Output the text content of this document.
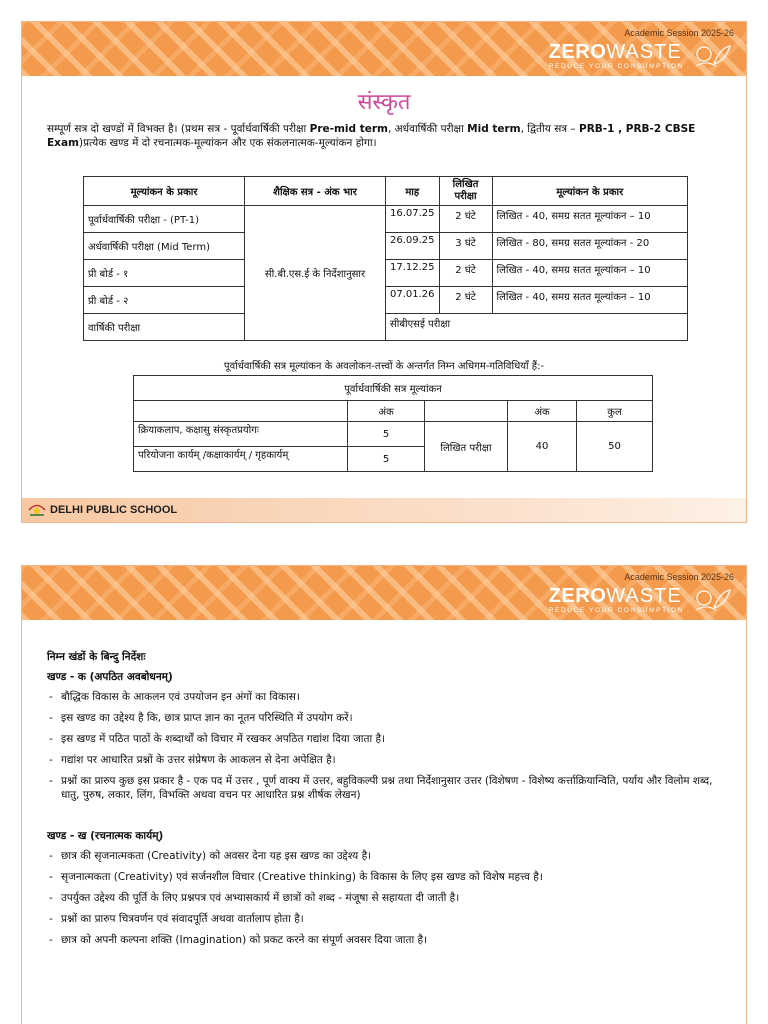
Academic Session 2025-26
ZEROWASTE
REDUCE YOUR CONSUMPTION
संस्कृत
सम्पूर्ण सत्र दो खण्डों में विभक्त है। (प्रथम सत्र - पूर्वार्धवार्षिकी परीक्षा Pre-mid term, अर्धवार्षिकी परीक्षा Mid term, द्वितीय सत्र – PRB-1 , PRB-2 CBSE Exam)प्रत्येक खण्ड में दो रचनात्मक-मूल्यांकन और एक संकलनात्मक-मूल्यांकन होगा।
मूल्यांकन के प्रकार	शैक्षिक सत्र - अंक भार	माह	लिखित परीक्षा	मूल्यांकन के प्रकार
पूर्वार्धवार्षिकी परीक्षा - (PT-1)	सी.बी.एस.ई के निर्देशानुसार	16.07.25	2 घंटे	लिखित - 40, समग्र सतत मूल्यांकन – 10
अर्धवार्षिकी परीक्षा (Mid Term)		26.09.25	3 घंटे	लिखित - 80, समग्र सतत मूल्यांकन - 20
प्री बोर्ड - १		17.12.25	2 घंटे	लिखित - 40, समग्र सतत मूल्यांकन – 10
प्री बोर्ड - २		07.01.26	2 घंटे	लिखित - 40, समग्र सतत मूल्यांकन – 10
वार्षिकी परीक्षा		सीबीएसई परीक्षा		
पूर्वार्धवार्षिकी सत्र मूल्यांकन के अवलोकन-तत्त्वों के अन्तर्गत निम्न अधिगम-गतिविधियाँ हैं:-
पूर्वार्धवार्षिकी सत्र मूल्यांकन				
	अंक		अंक	कुल
क्रियाकलाप, कक्षासु संस्कृतप्रयोगः	5	लिखित परीक्षा	40	50
परियोजना कार्यम् /कक्षाकार्यम् / गृहकार्यम्	5			
DELHI PUBLIC SCHOOL
Academic Session 2025-26
ZEROWASTE
REDUCE YOUR CONSUMPTION
निम्न खंडों के बिन्दु निर्देशः
खण्ड - क (अपठित अवबोधनम्)
- बौद्धिक विकास के आकलन एवं उपयोजन इन अंगों का विकास।
- इस खण्ड का उद्देश्य है कि, छात्र प्राप्त ज्ञान का नूतन परिस्थिति में उपयोग करें।
- इस खण्ड में पठित पाठों के शब्दार्थों को विचार में रखकर अपठित गद्यांश दिया जाता है।
- गद्यांश पर आधारित प्रश्नों के उत्तर संप्रेषण के आकलन से देना अपेक्षित है।
- प्रश्नों का प्रारुप कुछ इस प्रकार है - एक पद में उत्तर , पूर्ण वाक्य में उत्तर, बहुविकल्पी प्रश्न तथा निर्देशानुसार उत्तर (विशेषण - विशेष्य कर्त्ताक्रियान्विति, पर्याय और विलोम शब्द, धातु, पुरुष, लकार, लिंग, विभक्ति अथवा वचन पर आधारित प्रश्न शीर्षक लेखन)
खण्ड - ख (रचनात्मक कार्यम्)
- छात्र की सृजनात्मकता (Creativity) को अवसर देना यह इस खण्ड का उद्देश्य है।
- सृजनात्मकता (Creativity) एवं सर्जनशील विचार (Creative thinking) के विकास के लिए इस खण्ड को विशेष महत्त्व है।
- उपर्युक्त उद्देश्य की पूर्ति के लिए प्रश्नपत्र एवं अभ्यासकार्य में छात्रों को शब्द - मंजूषा से सहायता दी जाती है।
- प्रश्नों का प्रारुप चित्रवर्णन एवं संवादपूर्ति अथवा वार्तालाप होता है।
- छात्र को अपनी कल्पना शक्ति (Imagination) को प्रकट करने का संपूर्ण अवसर दिया जाता है।
